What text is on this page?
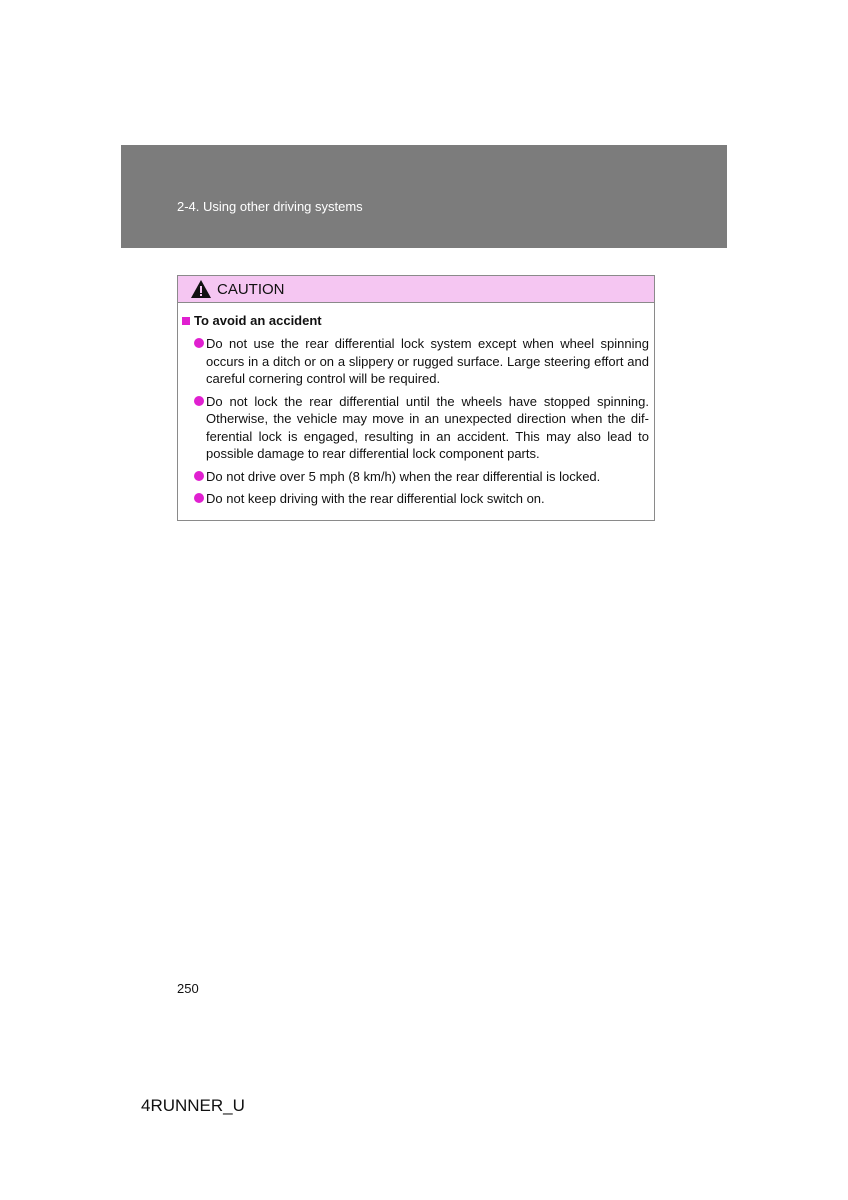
2-4. Using other driving systems
CAUTION
To avoid an accident
Do not use the rear differential lock system except when wheel spinning occurs in a ditch or on a slippery or rugged surface. Large steering effort and careful cornering control will be required.
Do not lock the rear differential until the wheels have stopped spinning. Otherwise, the vehicle may move in an unexpected direction when the differential lock is engaged, resulting in an accident. This may also lead to possible damage to rear differential lock component parts.
Do not drive over 5 mph (8 km/h) when the rear differential is locked.
Do not keep driving with the rear differential lock switch on.
250
4RUNNER_U
